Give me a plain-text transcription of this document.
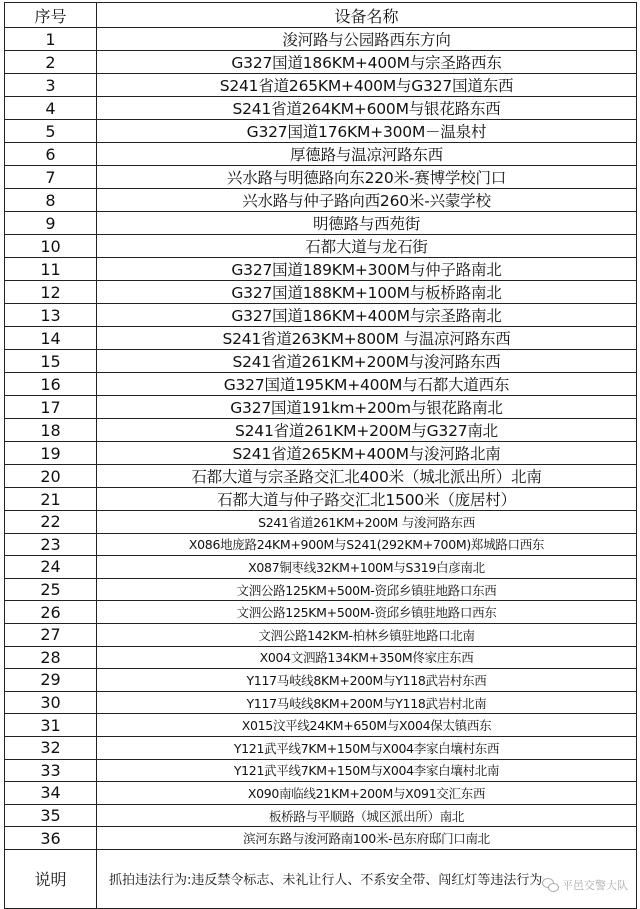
序号	设备名称
1	浚河路与公园路西东方向
2	G327国道186KM+400M与宗圣路西东
3	S241省道265KM+400M与G327国道东西
4	S241省道264KM+600M与银花路东西
5	G327国道176KM+300M－温泉村
6	厚德路与温凉河路东西
7	兴水路与明德路向东220米-赛博学校门口
8	兴水路与仲子路向西260米-兴蒙学校
9	明德路与西苑街
10	石都大道与龙石街
11	G327国道189KM+300M与仲子路南北
12	G327国道188KM+100M与板桥路南北
13	G327国道186KM+400M与宗圣路南北
14	S241省道263KM+800M 与温凉河路东西
15	S241省道261KM+200M与浚河路东西
16	G327国道195KM+400M与石都大道西东
17	G327国道191km+200m与银花路南北
18	S241省道261KM+200M与G327南北
19	S241省道265KM+400M与浚河路北南
20	石都大道与宗圣路交汇北400米（城北派出所）北南
21	石都大道与仲子路交汇北1500米（庞居村）
22	S241省道261KM+200M 与浚河路东西
23	X086地庞路24KM+900M与S241(292KM+700M)郑城路口西东
24	X087铜枣线32KM+100M与S319白彦南北
25	文泗公路125KM+500M-资邱乡镇驻地路口东西
26	文泗公路125KM+500M-资邱乡镇驻地路口西东
27	文泗公路142KM-柏林乡镇驻地路口北南
28	X004文泗路134KM+350M佟家庄东西
29	Y117马岐线8KM+200M与Y118武岩村东西
30	Y117马岐线8KM+200M与Y118武岩村北南
31	X015汶平线24KM+650M与X004保太镇西东
32	Y121武平线7KM+150M与X004李家白壤村东西
33	Y121武平线7KM+150M与X004李家白壤村北南
34	X090南临线21KM+200M与X091交汇东西
35	板桥路与平顺路（城区派出所）南北
36	滨河东路与浚河路南100米-邑东府邸门口南北
说明	抓拍违法行为:违反禁令标志、未礼让行人、不系安全带、闯红灯等违法行为 平邑交警大队
